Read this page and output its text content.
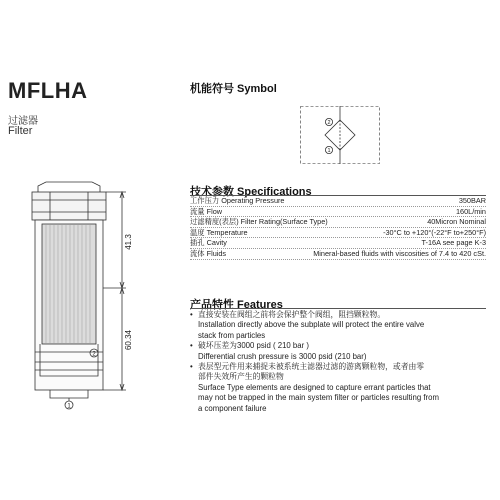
MFLHA
过滤器
Filter
41.3
60.34
2
1
机能符号 Symbol
2
1
技术参数 Specifications
工作压力 Operating Pressure	350BAR
流量 Flow	160L/min
过滤精度(表层) Filter Rating(Surface Type)	40Micron Nominal
温度 Temperature	-30°C to +120°(-22°F to+250°F)
插孔 Cavity	T-16A see page K-3
流体 Fluids	Mineral-based fluids with viscosities of 7.4 to 420 cSt.
产品特性 Features
• 直接安装在阀组之前将会保护整个阀组，阻挡颗粒物。
Installation directly above the subplate will protect the entire valve
stack from particles
• 破坏压差为3000 psid ( 210 bar )
Differential crush pressure is 3000 psid (210 bar)
• 表层型元件用来捕捉未被系统主滤器过滤的游离颗粒物，或者由零
部件失效所产生的颗粒物
Surface Type elements are designed to capture errant particles that
may not be trapped in the main system filter or particles resulting from
a component failure
